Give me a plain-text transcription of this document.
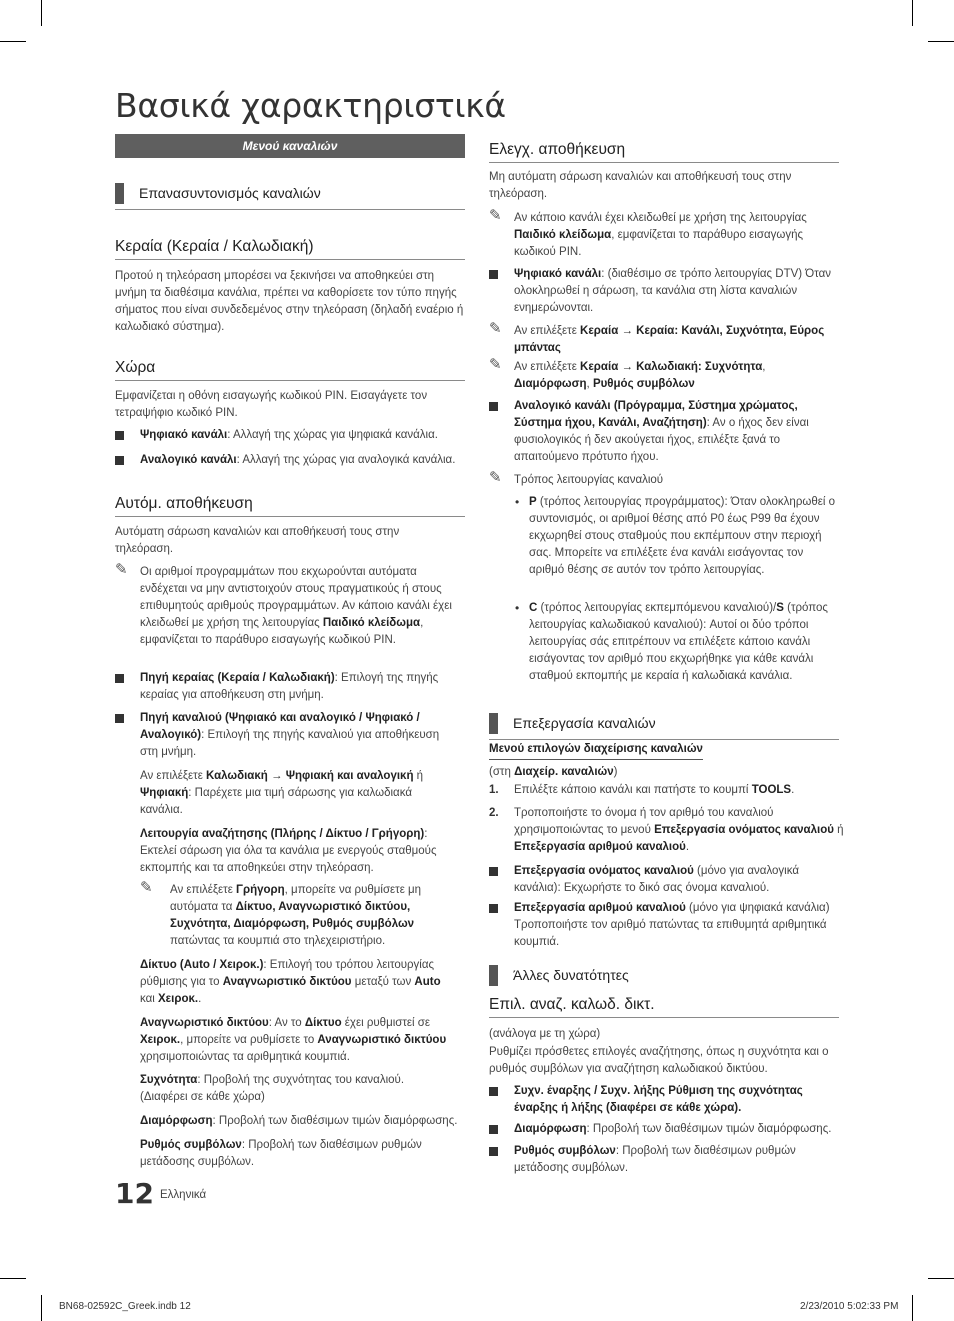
Βασικά χαρακτηριστικά
Μενού καναλιών
Επανασυντονισμός καναλιών
Κεραία (Κεραία / Καλωδιακή)
Προτού η τηλεόραση μπορέσει να ξεκινήσει να αποθηκεύει στη μνήμη τα διαθέσιμα κανάλια, πρέπει να καθορίσετε τον τύπο πηγής σήματος που είναι συνδεδεμένος στην τηλεόραση (δηλαδή εναέριο ή καλωδιακό σύστημα).
Χώρα
Εμφανίζεται η οθόνη εισαγωγής κωδικού PIN. Εισαγάγετε τον τετραψήφιο κωδικό PIN.
Ψηφιακό κανάλι: Αλλαγή της χώρας για ψηφιακά κανάλια.
Αναλογικό κανάλι: Αλλαγή της χώρας για αναλογικά κανάλια.
Αυτόμ. αποθήκευση
Αυτόματη σάρωση καναλιών και αποθήκευσή τους στην τηλεόραση.
✎ Οι αριθμοί προγραμμάτων που εκχωρούνται αυτόματα ενδέχεται να μην αντιστοιχούν στους πραγματικούς ή στους επιθυμητούς αριθμούς προγραμμάτων. Αν κάποιο κανάλι έχει κλειδωθεί με χρήση της λειτουργίας Παιδικό κλείδωμα, εμφανίζεται το παράθυρο εισαγωγής κωδικού PIN.
Πηγή κεραίας (Κεραία / Καλωδιακή): Επιλογή της πηγής κεραίας για αποθήκευση στη μνήμη.
Πηγή καναλιού (Ψηφιακό και αναλογικό / Ψηφιακό / Αναλογικό): Επιλογή της πηγής καναλιού για αποθήκευση στη μνήμη.
Αν επιλέξετε Καλωδιακή → Ψηφιακή και αναλογική ή Ψηφιακή: Παρέχετε μια τιμή σάρωσης για καλωδιακά κανάλια.
Λειτουργία αναζήτησης (Πλήρης / Δίκτυο / Γρήγορη): Εκτελεί σάρωση για όλα τα κανάλια με ενεργούς σταθμούς εκπομπής και τα αποθηκεύει στην τηλεόραση.
✎ Αν επιλέξετε Γρήγορη, μπορείτε να ρυθμίσετε μη αυτόματα τα Δίκτυο, Αναγνωριστικό δικτύου, Συχνότητα, Διαμόρφωση, Ρυθμός συμβόλων πατώντας τα κουμπιά στο τηλεχειριστήριο.
Δίκτυο (Auto / Χειροκ.): Επιλογή του τρόπου λειτουργίας ρύθμισης για το Αναγνωριστικό δικτύου μεταξύ των Auto και Χειροκ..
Αναγνωριστικό δικτύου: Αν το Δίκτυο έχει ρυθμιστεί σε Χειροκ., μπορείτε να ρυθμίσετε το Αναγνωριστικό δικτύου χρησιμοποιώντας τα αριθμητικά κουμπιά.
Συχνότητα: Προβολή της συχνότητας του καναλιού. (Διαφέρει σε κάθε χώρα)
Διαμόρφωση: Προβολή των διαθέσιμων τιμών διαμόρφωσης.
Ρυθμός συμβόλων: Προβολή των διαθέσιμων ρυθμών μετάδοσης συμβόλων.
12 Ελληνικά
Ελεγχ. αποθήκευση
Μη αυτόματη σάρωση καναλιών και αποθήκευσή τους στην τηλεόραση.
✎ Αν κάποιο κανάλι έχει κλειδωθεί με χρήση της λειτουργίας Παιδικό κλείδωμα, εμφανίζεται το παράθυρο εισαγωγής κωδικού PIN.
Ψηφιακό κανάλι: (διαθέσιμο σε τρόπο λειτουργίας DTV) Όταν ολοκληρωθεί η σάρωση, τα κανάλια στη λίστα καναλιών ενημερώνονται.
✎ Αν επιλέξετε Κεραία → Κεραία: Κανάλι, Συχνότητα, Εύρος μπάντας
✎ Αν επιλέξετε Κεραία → Καλωδιακή: Συχνότητα, Διαμόρφωση, Ρυθμός συμβόλων
Αναλογικό κανάλι (Πρόγραμμα, Σύστημα χρώματος, Σύστημα ήχου, Κανάλι, Αναζήτηση): Αν ο ήχος δεν είναι φυσιολογικός ή δεν ακούγεται ήχος, επιλέξτε ξανά το απαιτούμενο πρότυπο ήχου.
✎ Τρόπος λειτουργίας καναλιού
• P (τρόπος λειτουργίας προγράμματος): Όταν ολοκληρωθεί ο συντονισμός, οι αριθμοί θέσης από P0 έως P99 θα έχουν εκχωρηθεί στους σταθμούς που εκπέμπουν στην περιοχή σας. Μπορείτε να επιλέξετε ένα κανάλι εισάγοντας τον αριθμό θέσης σε αυτόν τον τρόπο λειτουργίας.
• C (τρόπος λειτουργίας εκπεμπόμενου καναλιού)/S (τρόπος λειτουργίας καλωδιακού καναλιού): Αυτοί οι δύο τρόποι λειτουργίας σάς επιτρέπουν να επιλέξετε κάποιο κανάλι εισάγοντας τον αριθμό που εκχωρήθηκε για κάθε κανάλι σταθμού εκπομπής με κεραία ή καλωδιακά κανάλια.
Επεξεργασία καναλιών
Μενού επιλογών διαχείρισης καναλιών
(στη Διαχείρ. καναλιών)
1. Επιλέξτε κάποιο κανάλι και πατήστε το κουμπί TOOLS.
2. Τροποποιήστε το όνομα ή τον αριθμό του καναλιού χρησιμοποιώντας το μενού Επεξεργασία ονόματος καναλιού ή Επεξεργασία αριθμού καναλιού.
Επεξεργασία ονόματος καναλιού (μόνο για αναλογικά κανάλια): Εκχωρήστε το δικό σας όνομα καναλιού.
Επεξεργασία αριθμού καναλιού (μόνο για ψηφιακά κανάλια) Τροποποιήστε τον αριθμό πατώντας τα επιθυμητά αριθμητικά κουμπιά.
Άλλες δυνατότητες
Επιλ. αναζ. καλωδ. δικτ.
(ανάλογα με τη χώρα)
Ρυθμίζει πρόσθετες επιλογές αναζήτησης, όπως η συχνότητα και ο ρυθμός συμβόλων για αναζήτηση καλωδιακού δικτύου.
Συχν. έναρξης / Συχν. λήξης Ρύθμιση της συχνότητας έναρξης ή λήξης (διαφέρει σε κάθε χώρα).
Διαμόρφωση: Προβολή των διαθέσιμων τιμών διαμόρφωσης.
Ρυθμός συμβόλων: Προβολή των διαθέσιμων ρυθμών μετάδοσης συμβόλων.
BN68-02592C_Greek.indb 12	2/23/2010 5:02:33 PM
